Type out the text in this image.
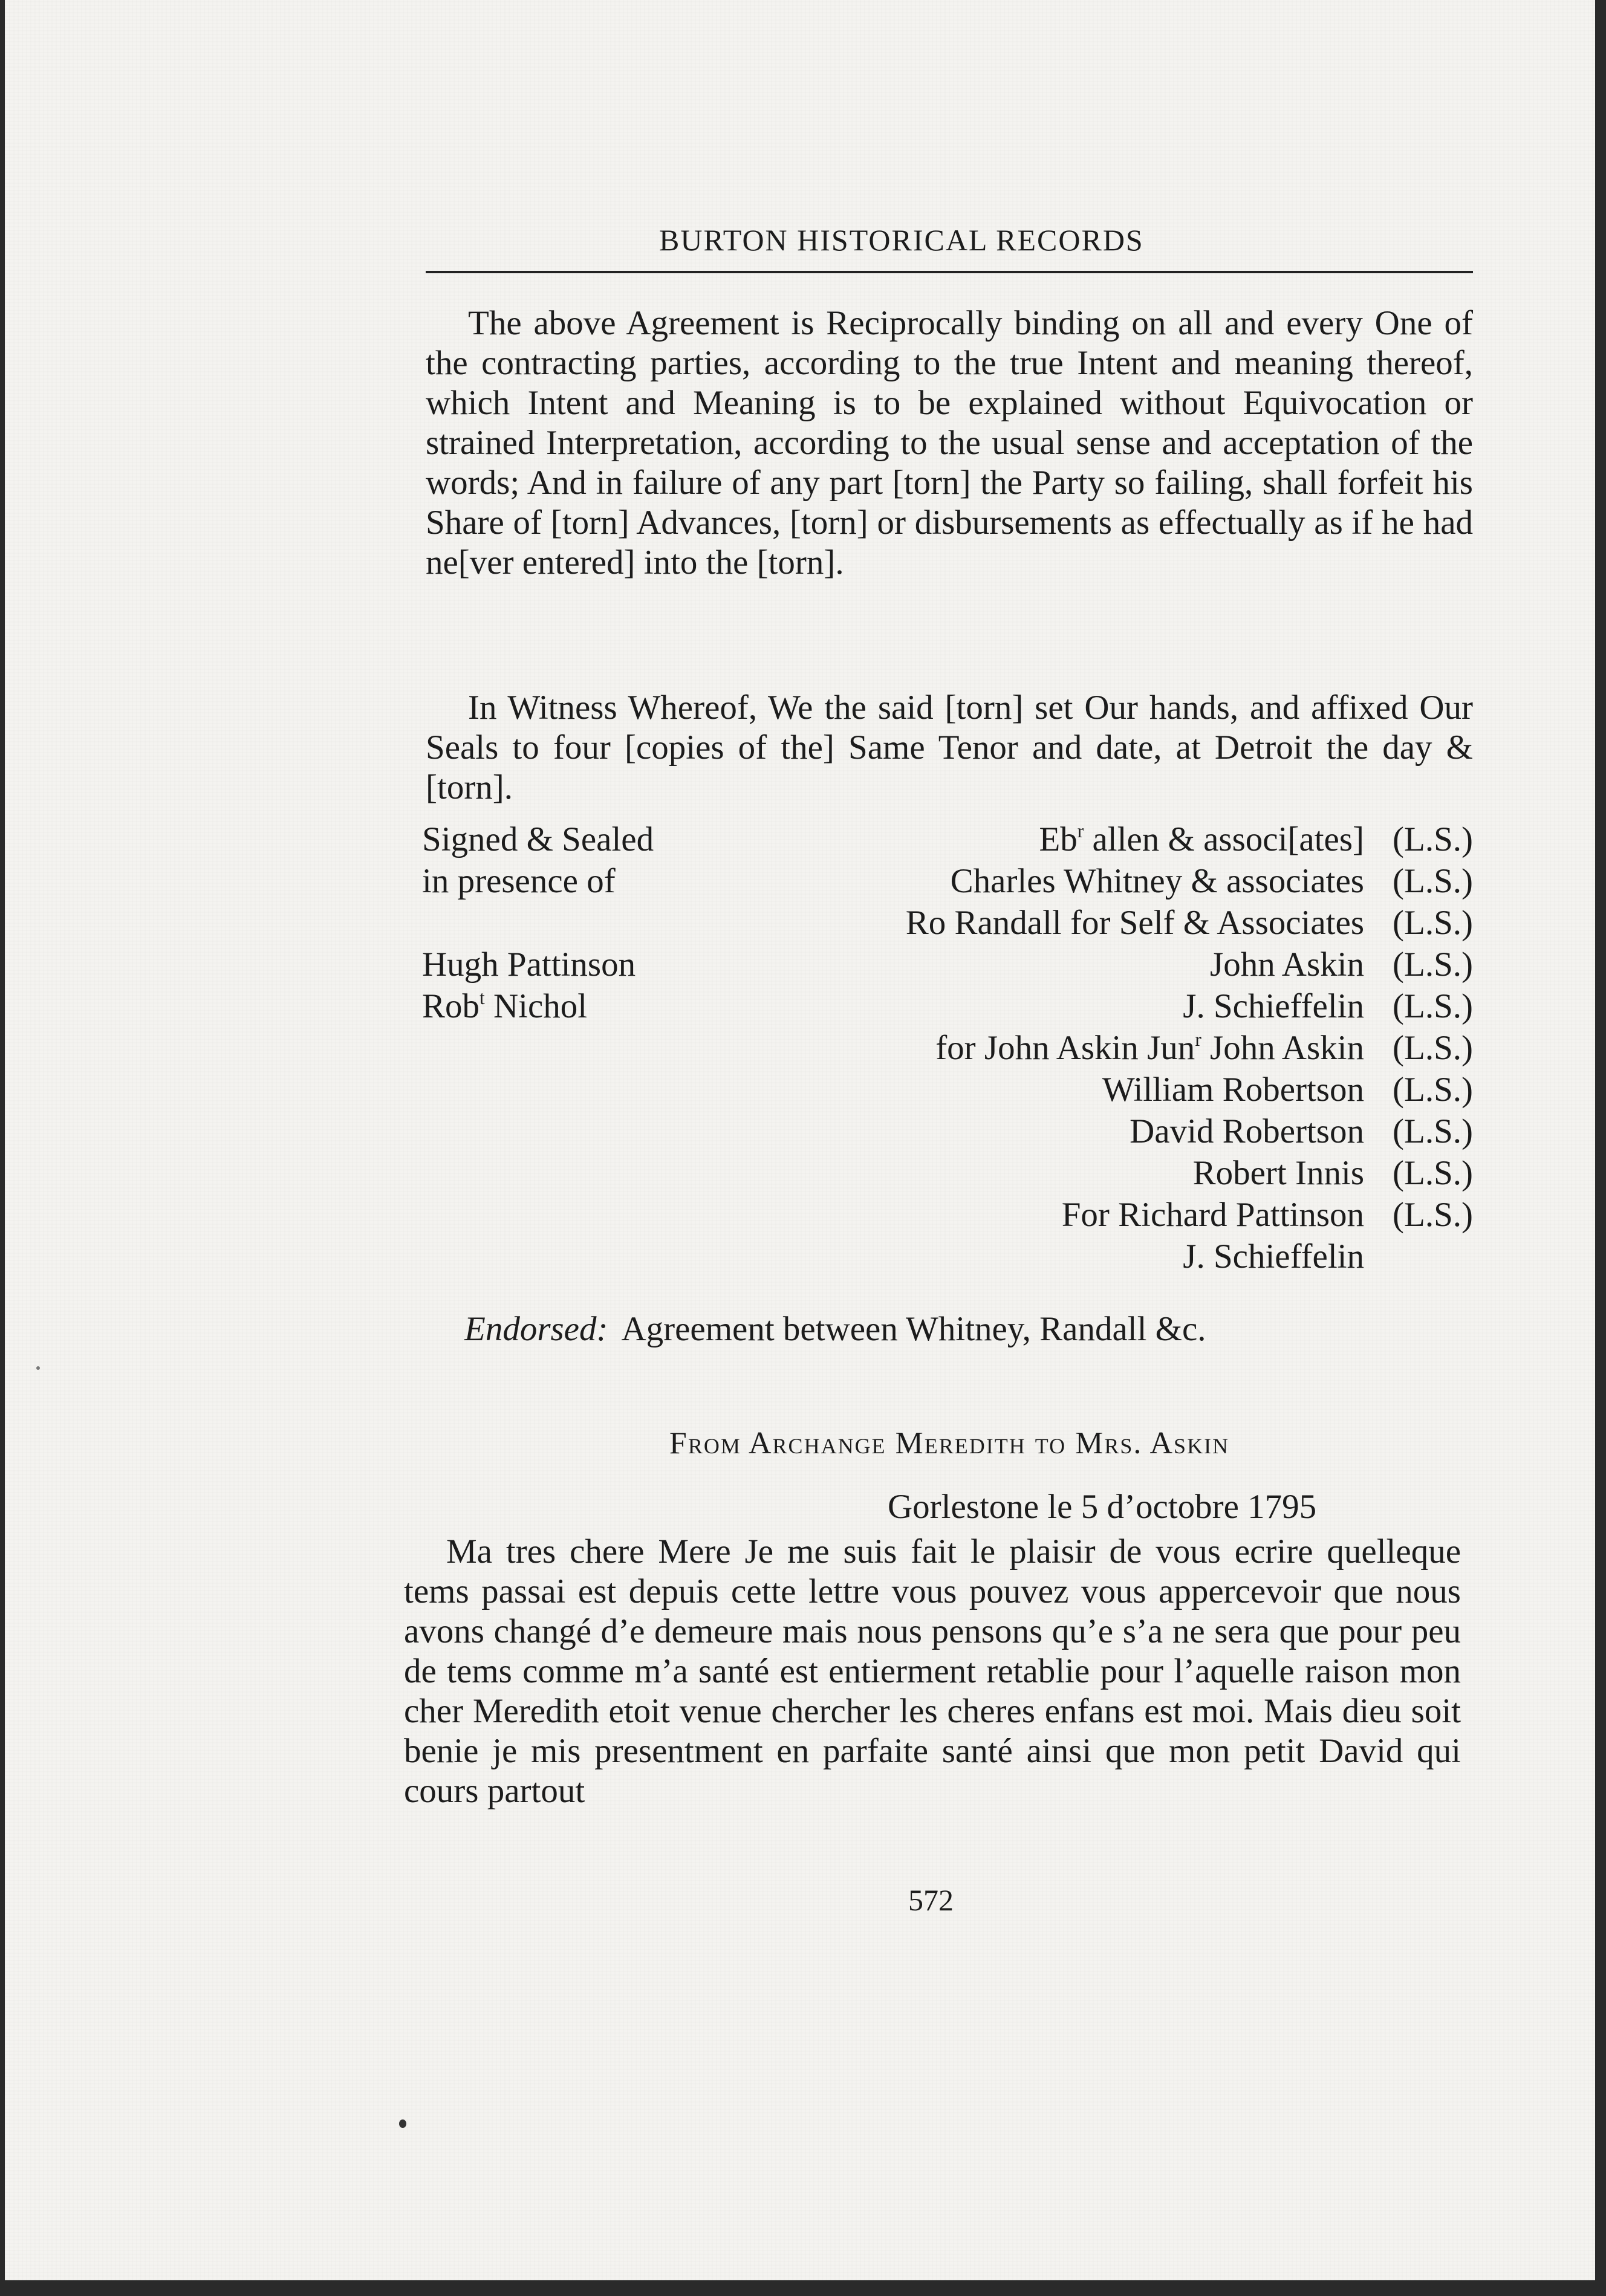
BURTON HISTORICAL RECORDS

The above Agreement is Reciprocally binding on all and every One of the contracting parties, according to the true Intent and meaning thereof, which Intent and Meaning is to be explained without Equivocation or strained Interpretation, according to the usual sense and acceptation of the words; And in failure of any part [torn] the Party so failing, shall forfeit his Share of [torn] Advances, [torn] or disbursements as effectually as if he had ne[ver entered] into the [torn].

In Witness Whereof, We the said [torn] set Our hands, and affixed Our Seals to four [copies of the] Same Tenor and date, at Detroit the day & [torn].

Signed & Sealed
in presence of
Hugh Pattinson
Rob$^t$ Nichol
Eb$^r$ allen & associ[ates] (L.S.)
Charles Whitney & associates (L.S.)
Ro Randall for Self & Associates (L.S.)
John Askin (L.S.)
J. Schieffelin (L.S.)
for John Askin Jun$^r$ John Askin (L.S.)
William Robertson (L.S.)
David Robertson (L.S.)
Robert Innis (L.S.)
For Richard Pattinson (L.S.)
J. Schieffelin
Endorsed: Agreement between Whitney, Randall &c.
From Archange Meredith to Mrs. Askin
Gorlestone le 5 d’octobre 1795

Ma tres chere Mere Je me suis fait le plaisir de vous ecrire quelleque tems passai est depuis cette lettre vous pouvez vous appercevoir que nous avons changé d’e demeure mais nous pensons qu’e s’a ne sera que pour peu de tems comme m’a santé est entierment retablie pour l’aquelle raison mon cher Meredith etoit venue chercher les cheres enfans est moi. Mais dieu soit benie je mis presentment en parfaite santé ainsi que mon petit David qui cours partout

572
